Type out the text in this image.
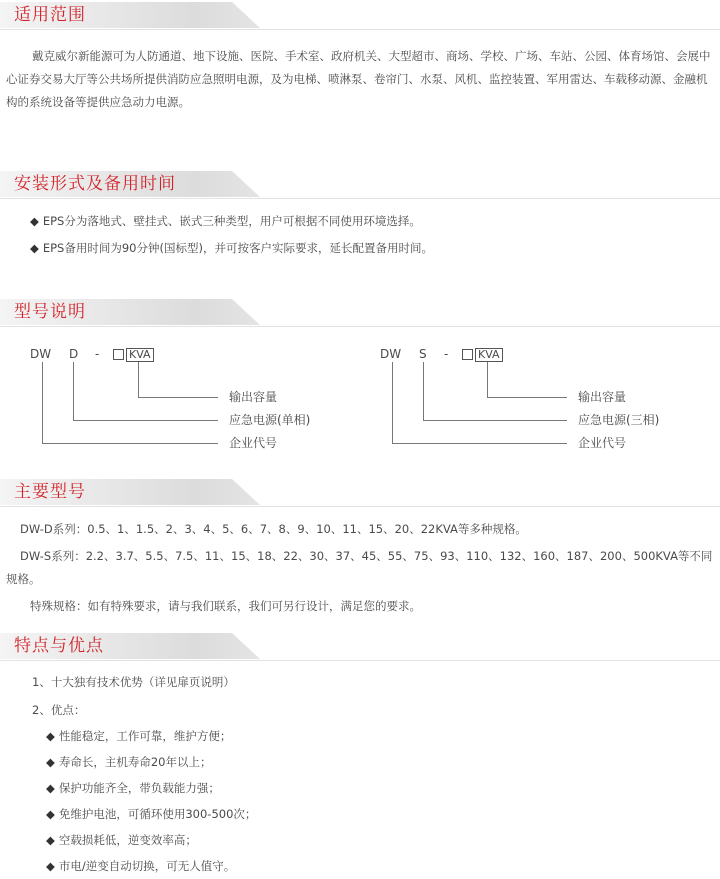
适用范围
戴克威尔新能源可为人防通道、地下设施、医院、手术室、政府机关、大型超市、商场、学校、广场、车站、公园、体育场馆、会展中心证券交易大厅等公共场所提供消防应急照明电源，及为电梯、喷淋泵、卷帘门、水泵、风机、监控装置、军用雷达、车载移动源、金融机构的系统设备等提供应急动力电源。
安装形式及备用时间
◆ EPS分为落地式、壁挂式、嵌式三种类型，用户可根据不同使用环境选择。
◆ EPS备用时间为90分钟(国标型)，并可按客户实际要求，延长配置备用时间。
型号说明
DW D -	KVA
输出容量
应急电源(单相)
企业代号
DW S -	KVA
输出容量
应急电源(三相)
企业代号
主要型号
DW-D系列：0.5、1、1.5、2、3、4、5、6、7、8、9、10、11、15、20、22KVA等多种规格。
DW-S系列：2.2、3.7、5.5、7.5、11、15、18、22、30、37、45、55、75、93、110、132、160、187、200、500KVA等不同规格。
特殊规格：如有特殊要求，请与我们联系，我们可另行设计，满足您的要求。
特点与优点
1、十大独有技术优势（详见扉页说明）
2、优点：
◆ 性能稳定，工作可靠，维护方便；
◆ 寿命长，主机寿命20年以上；
◆ 保护功能齐全，带负载能力强；
◆ 免维护电池，可循环使用300-500次；
◆ 空载损耗低，逆变效率高；
◆ 市电/逆变自动切换，可无人值守。
